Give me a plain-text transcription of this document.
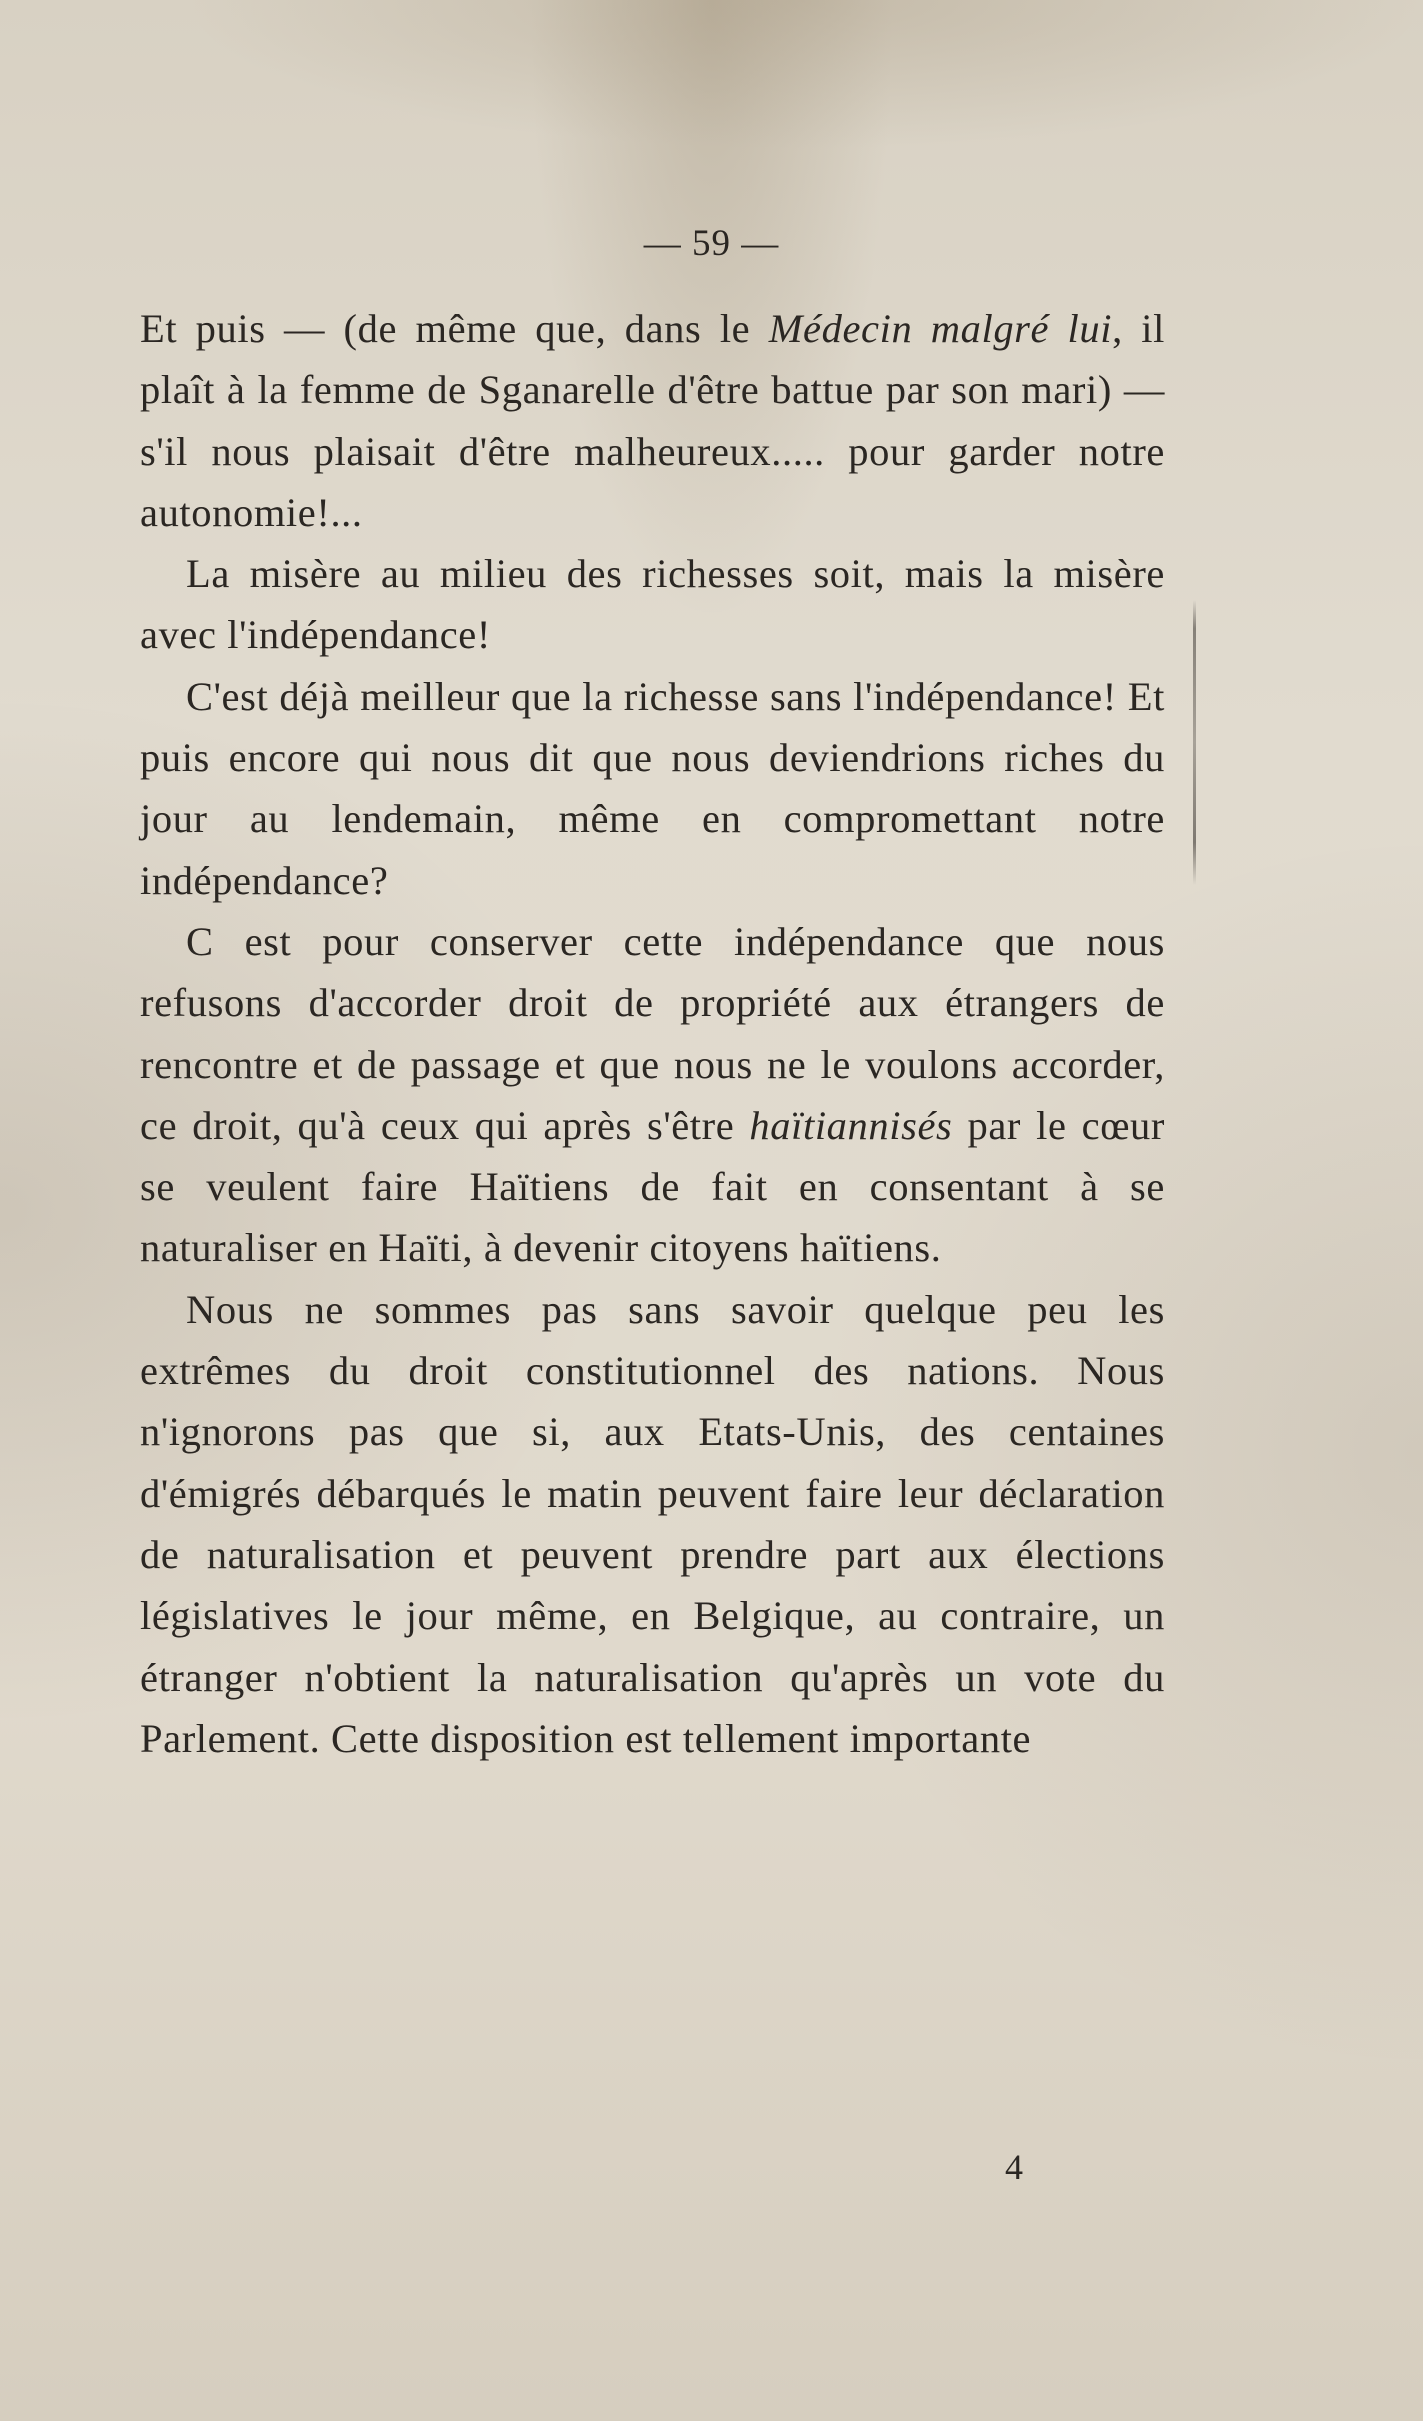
— 59 —

Et puis — (de même que, dans le Médecin malgré lui, il plaît à la femme de Sganarelle d'être battue par son mari) — s'il nous plaisait d'être malheureux..... pour garder notre autonomie!...

La misère au milieu des richesses soit, mais la misère avec l'indépendance!

C'est déjà meilleur que la richesse sans l'indépendance! Et puis encore qui nous dit que nous deviendrions riches du jour au lendemain, même en compromettant notre indépendance?

C est pour conserver cette indépendance que nous refusons d'accorder droit de propriété aux étrangers de rencontre et de passage et que nous ne le voulons accorder, ce droit, qu'à ceux qui après s'être haïtiannisés par le cœur se veulent faire Haïtiens de fait en consentant à se naturaliser en Haïti, à devenir citoyens haïtiens.

Nous ne sommes pas sans savoir quelque peu les extrêmes du droit constitutionnel des nations. Nous n'ignorons pas que si, aux Etats-Unis, des centaines d'émigrés débarqués le matin peuvent faire leur déclaration de naturalisation et peuvent prendre part aux élections législatives le jour même, en Belgique, au contraire, un étranger n'obtient la naturalisation qu'après un vote du Parlement. Cette disposition est tellement importante

4
